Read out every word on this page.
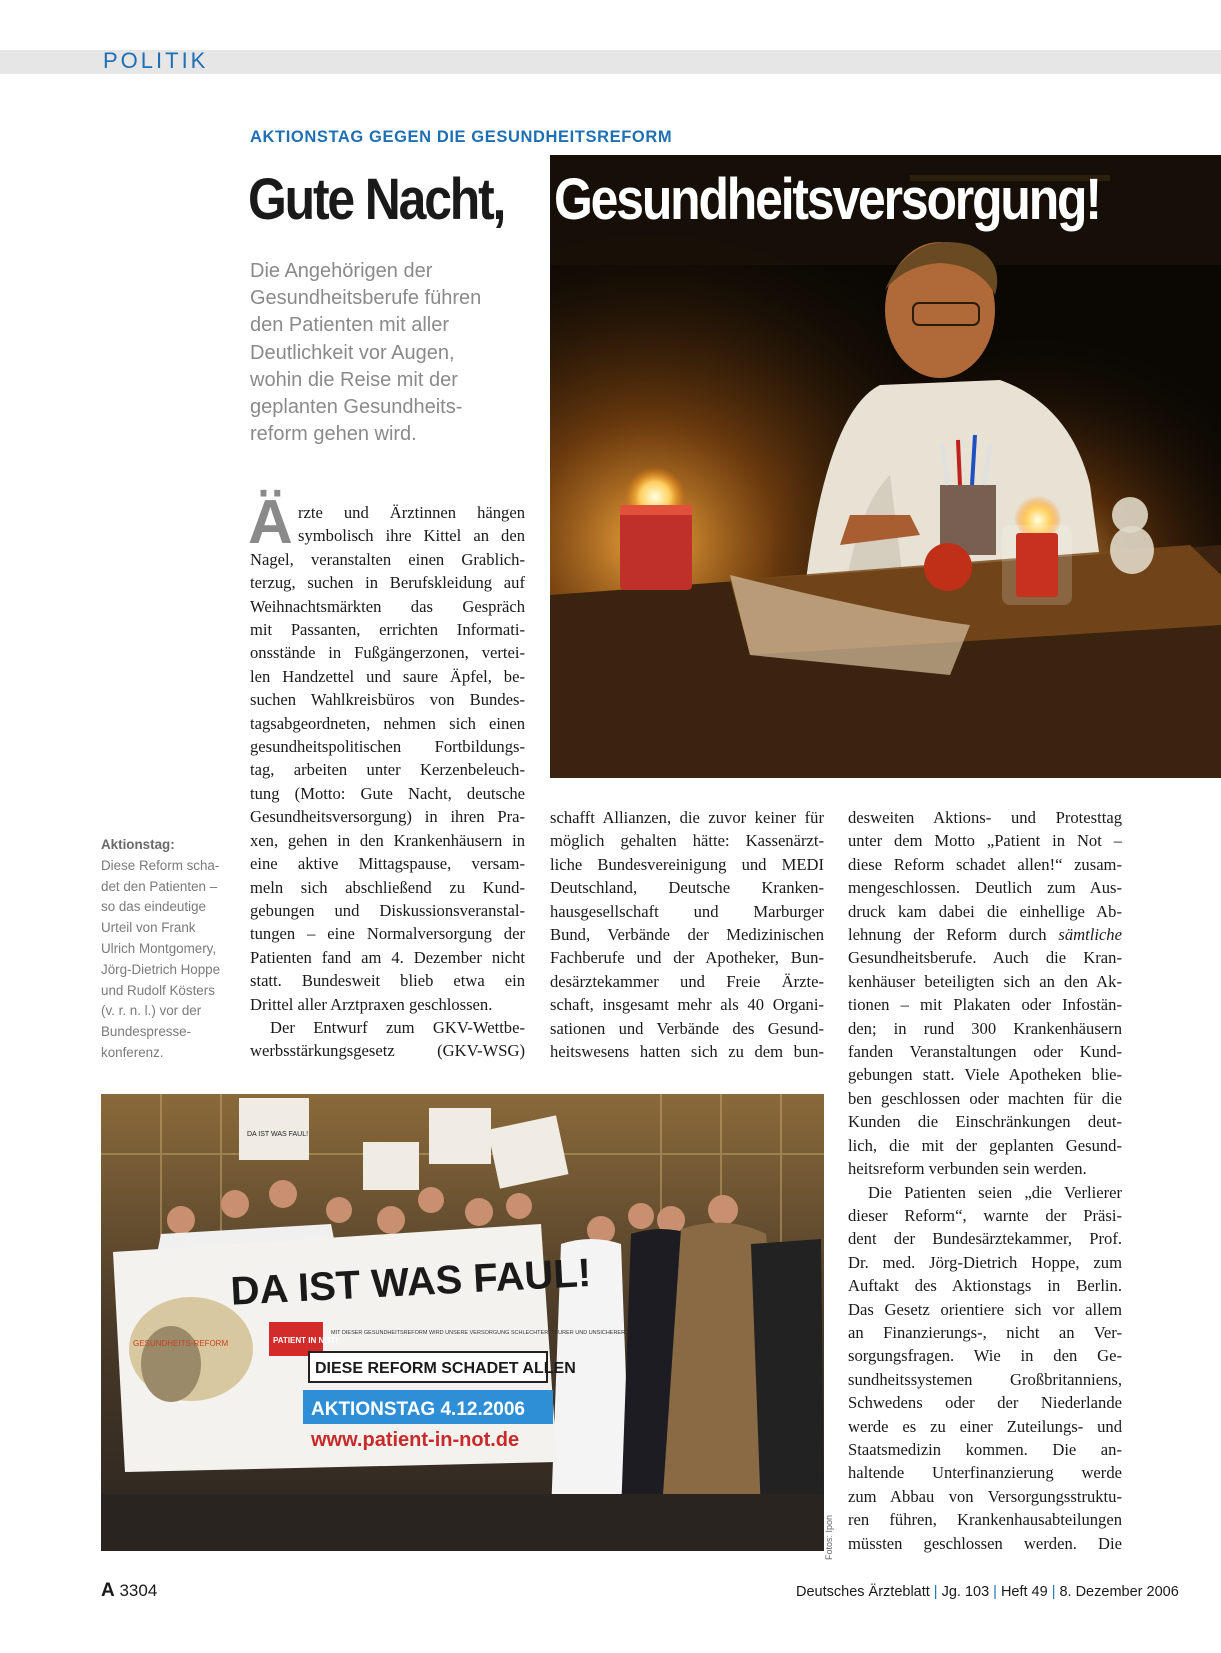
POLITIK
AKTIONSTAG GEGEN DIE GESUNDHEITSREFORM
Gute Nacht, Gesundheitsversorgung!
Die Angehörigen der
Gesundheitsberufe führen
den Patienten mit aller
Deutlichkeit vor Augen,
wohin die Reise mit der
geplanten Gesundheits-
reform gehen wird.
Ä rzte und Ärztinnen hängen
symbolisch ihre Kittel an den
Nagel, veranstalten einen Grablich-
terzug, suchen in Berufskleidung auf
Weihnachtsmärkten das Gespräch
mit Passanten, errichten Informati-
onsstände in Fußgängerzonen, vertei-
len Handzettel und saure Äpfel, be-
suchen Wahlkreisbüros von Bundes-
tagsabgeordneten, nehmen sich einen
gesundheitspolitischen Fortbildungs-
tag, arbeiten unter Kerzenbeleuch-
tung (Motto: Gute Nacht, deutsche
Gesundheitsversorgung) in ihren Pra-
xen, gehen in den Krankenhäusern in
eine aktive Mittagspause, versam-
meln sich abschließend zu Kund-
gebungen und Diskussionsveranstal-
tungen – eine Normalversorgung der
Patienten fand am 4. Dezember nicht
statt. Bundesweit blieb etwa ein
Drittel aller Arztpraxen geschlossen.
Der Entwurf zum GKV-Wettbe-
werbsstärkungsgesetz (GKV-WSG)
schafft Allianzen, die zuvor keiner für
möglich gehalten hätte: Kassenärzt-
liche Bundesvereinigung und MEDI
Deutschland, Deutsche Kranken-
hausgesellschaft und Marburger
Bund, Verbände der Medizinischen
Fachberufe und der Apotheker, Bun-
desärztekammer und Freie Ärzte-
schaft, insgesamt mehr als 40 Organi-
sationen und Verbände des Gesund-
heitswesens hatten sich zu dem bun-
desweiten Aktions- und Protesttag
unter dem Motto „Patient in Not –
diese Reform schadet allen!“ zusam-
mengeschlossen. Deutlich zum Aus-
druck kam dabei die einhellige Ab-
lehnung der Reform durch sämtliche
Gesundheitsberufe. Auch die Kran-
kenhäuser beteiligten sich an den Ak-
tionen – mit Plakaten oder Infostän-
den; in rund 300 Krankenhäusern
fanden Veranstaltungen oder Kund-
gebungen statt. Viele Apotheken blie-
ben geschlossen oder machten für die
Kunden die Einschränkungen deut-
lich, die mit der geplanten Gesund-
heitsreform verbunden sein werden.
Die Patienten seien „die Verlierer
dieser Reform“, warnte der Präsi-
dent der Bundesärztekammer, Prof.
Dr. med. Jörg-Dietrich Hoppe, zum
Auftakt des Aktionstags in Berlin.
Das Gesetz orientiere sich vor allem
an Finanzierungs-, nicht an Ver-
sorgungsfragen. Wie in den Ge-
sundheitssystemen Großbritanniens,
Schwedens oder der Niederlande
werde es zu einer Zuteilungs- und
Staatsmedizin kommen. Die an-
haltende Unterfinanzierung werde
zum Abbau von Versorgungsstruktu-
ren führen, Krankenhausabteilungen
müssten geschlossen werden. Die
Aktionstag:
Diese Reform scha-
det den Patienten –
so das eindeutige
Urteil von Frank
Ulrich Montgomery,
Jörg-Dietrich Hoppe
und Rudolf Kösters
(v. r. n. l.) vor der
Bundespresse-
konferenz.
DA IST WAS FAUL!
DA IST WAS FAUL!
GESUNDHEITS-REFORM	PATIENT IN NOT!
MIT DIESER GESUNDHEITSREFORM WIRD UNSERE VERSORGUNG SCHLECHTER, TEURER UND UNSICHERER.
DIESE REFORM SCHADET ALLEN
AKTIONSTAG 4.12.2006
www.patient-in-not.de
Fotos: Ipon
A 3304	Deutsches Ärzteblatt | Jg. 103 | Heft 49 | 8. Dezember 2006
